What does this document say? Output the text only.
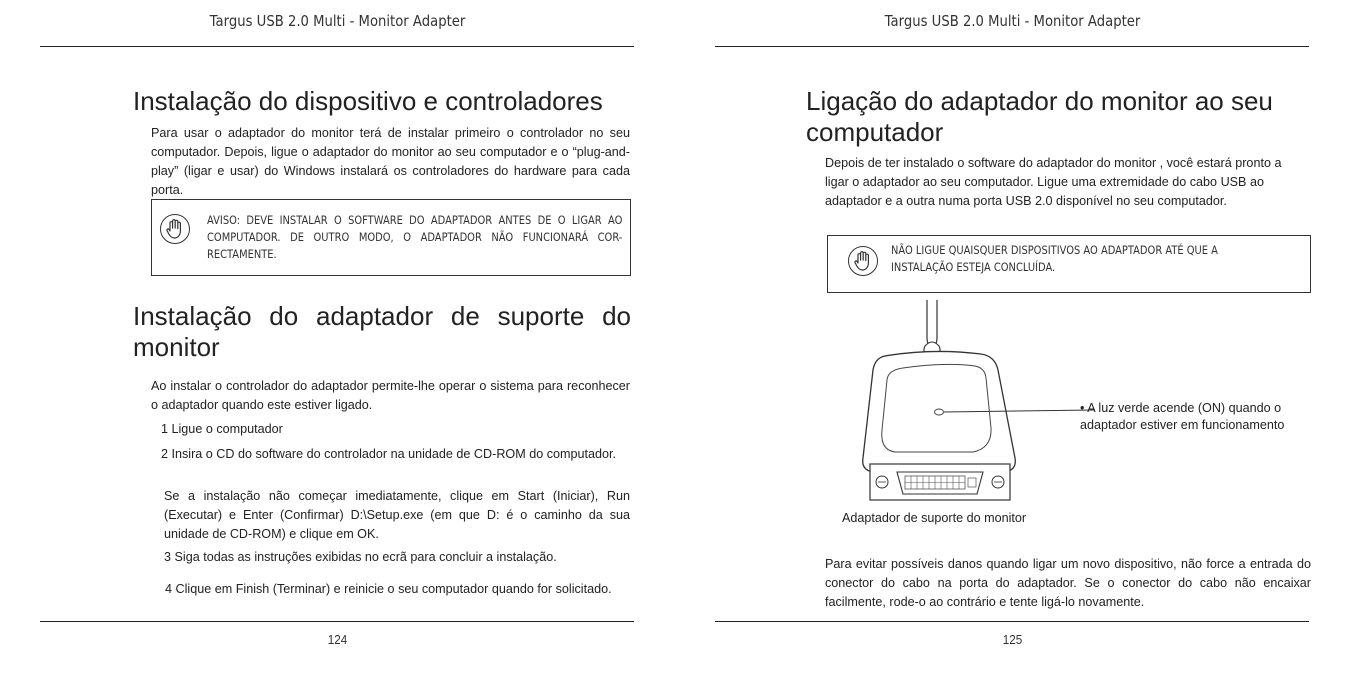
Targus USB 2.0 Multi - Monitor Adapter
Instalação do dispositivo e controladores

Para usar o adaptador do monitor terá de instalar primeiro o controlador no seu computador. Depois, ligue o adaptador do monitor ao seu computador e o “plug-and-play” (ligar e usar) do Windows instalará os controladores do hardware para cada porta.

AVISO: DEVE INSTALAR O SOFTWARE DO ADAPTADOR ANTES DE O LIGAR AO COMPUTADOR. DE OUTRO MODO, O ADAPTADOR NÃO FUNCIONARÁ COR-RECTAMENTE.

Instalação do adaptador de suporte do monitor

Ao instalar o controlador do adaptador permite-lhe operar o sistema para reconhecer o adaptador quando este estiver ligado.

1 Ligue o computador

2 Insira o CD do software do controlador na unidade de CD-ROM do computador.

Se a instalação não começar imediatamente, clique em Start (Iniciar), Run (Executar) e Enter (Confirmar) D:\Setup.exe (em que D: é o caminho da sua unidade de CD-ROM) e clique em OK.

3 Siga todas as instruções exibidas no ecrã para concluir a instalação.

4 Clique em Finish (Terminar) e reinicie o seu computador quando for solicitado.

124
Targus USB 2.0 Multi - Monitor Adapter
Ligação do adaptador do monitor ao seu computador

Depois de ter instalado o software do adaptador do monitor , você estará pronto a ligar o adaptador ao seu computador. Ligue uma extremidade do cabo USB ao adaptador e a outra numa porta USB 2.0 disponível no seu computador.

NÃO LIGUE QUAISQUER DISPOSITIVOS AO ADAPTADOR ATÉ QUE A INSTALAÇÃO ESTEJA CONCLUÍDA.

• A luz verde acende (ON) quando o adaptador estiver em funcionamento

Adaptador de suporte do monitor

Para evitar possíveis danos quando ligar um novo dispositivo, não force a entrada do conector do cabo na porta do adaptador. Se o conector do cabo não encaixar facilmente, rode-o ao contrário e tente ligá-lo novamente.

125
